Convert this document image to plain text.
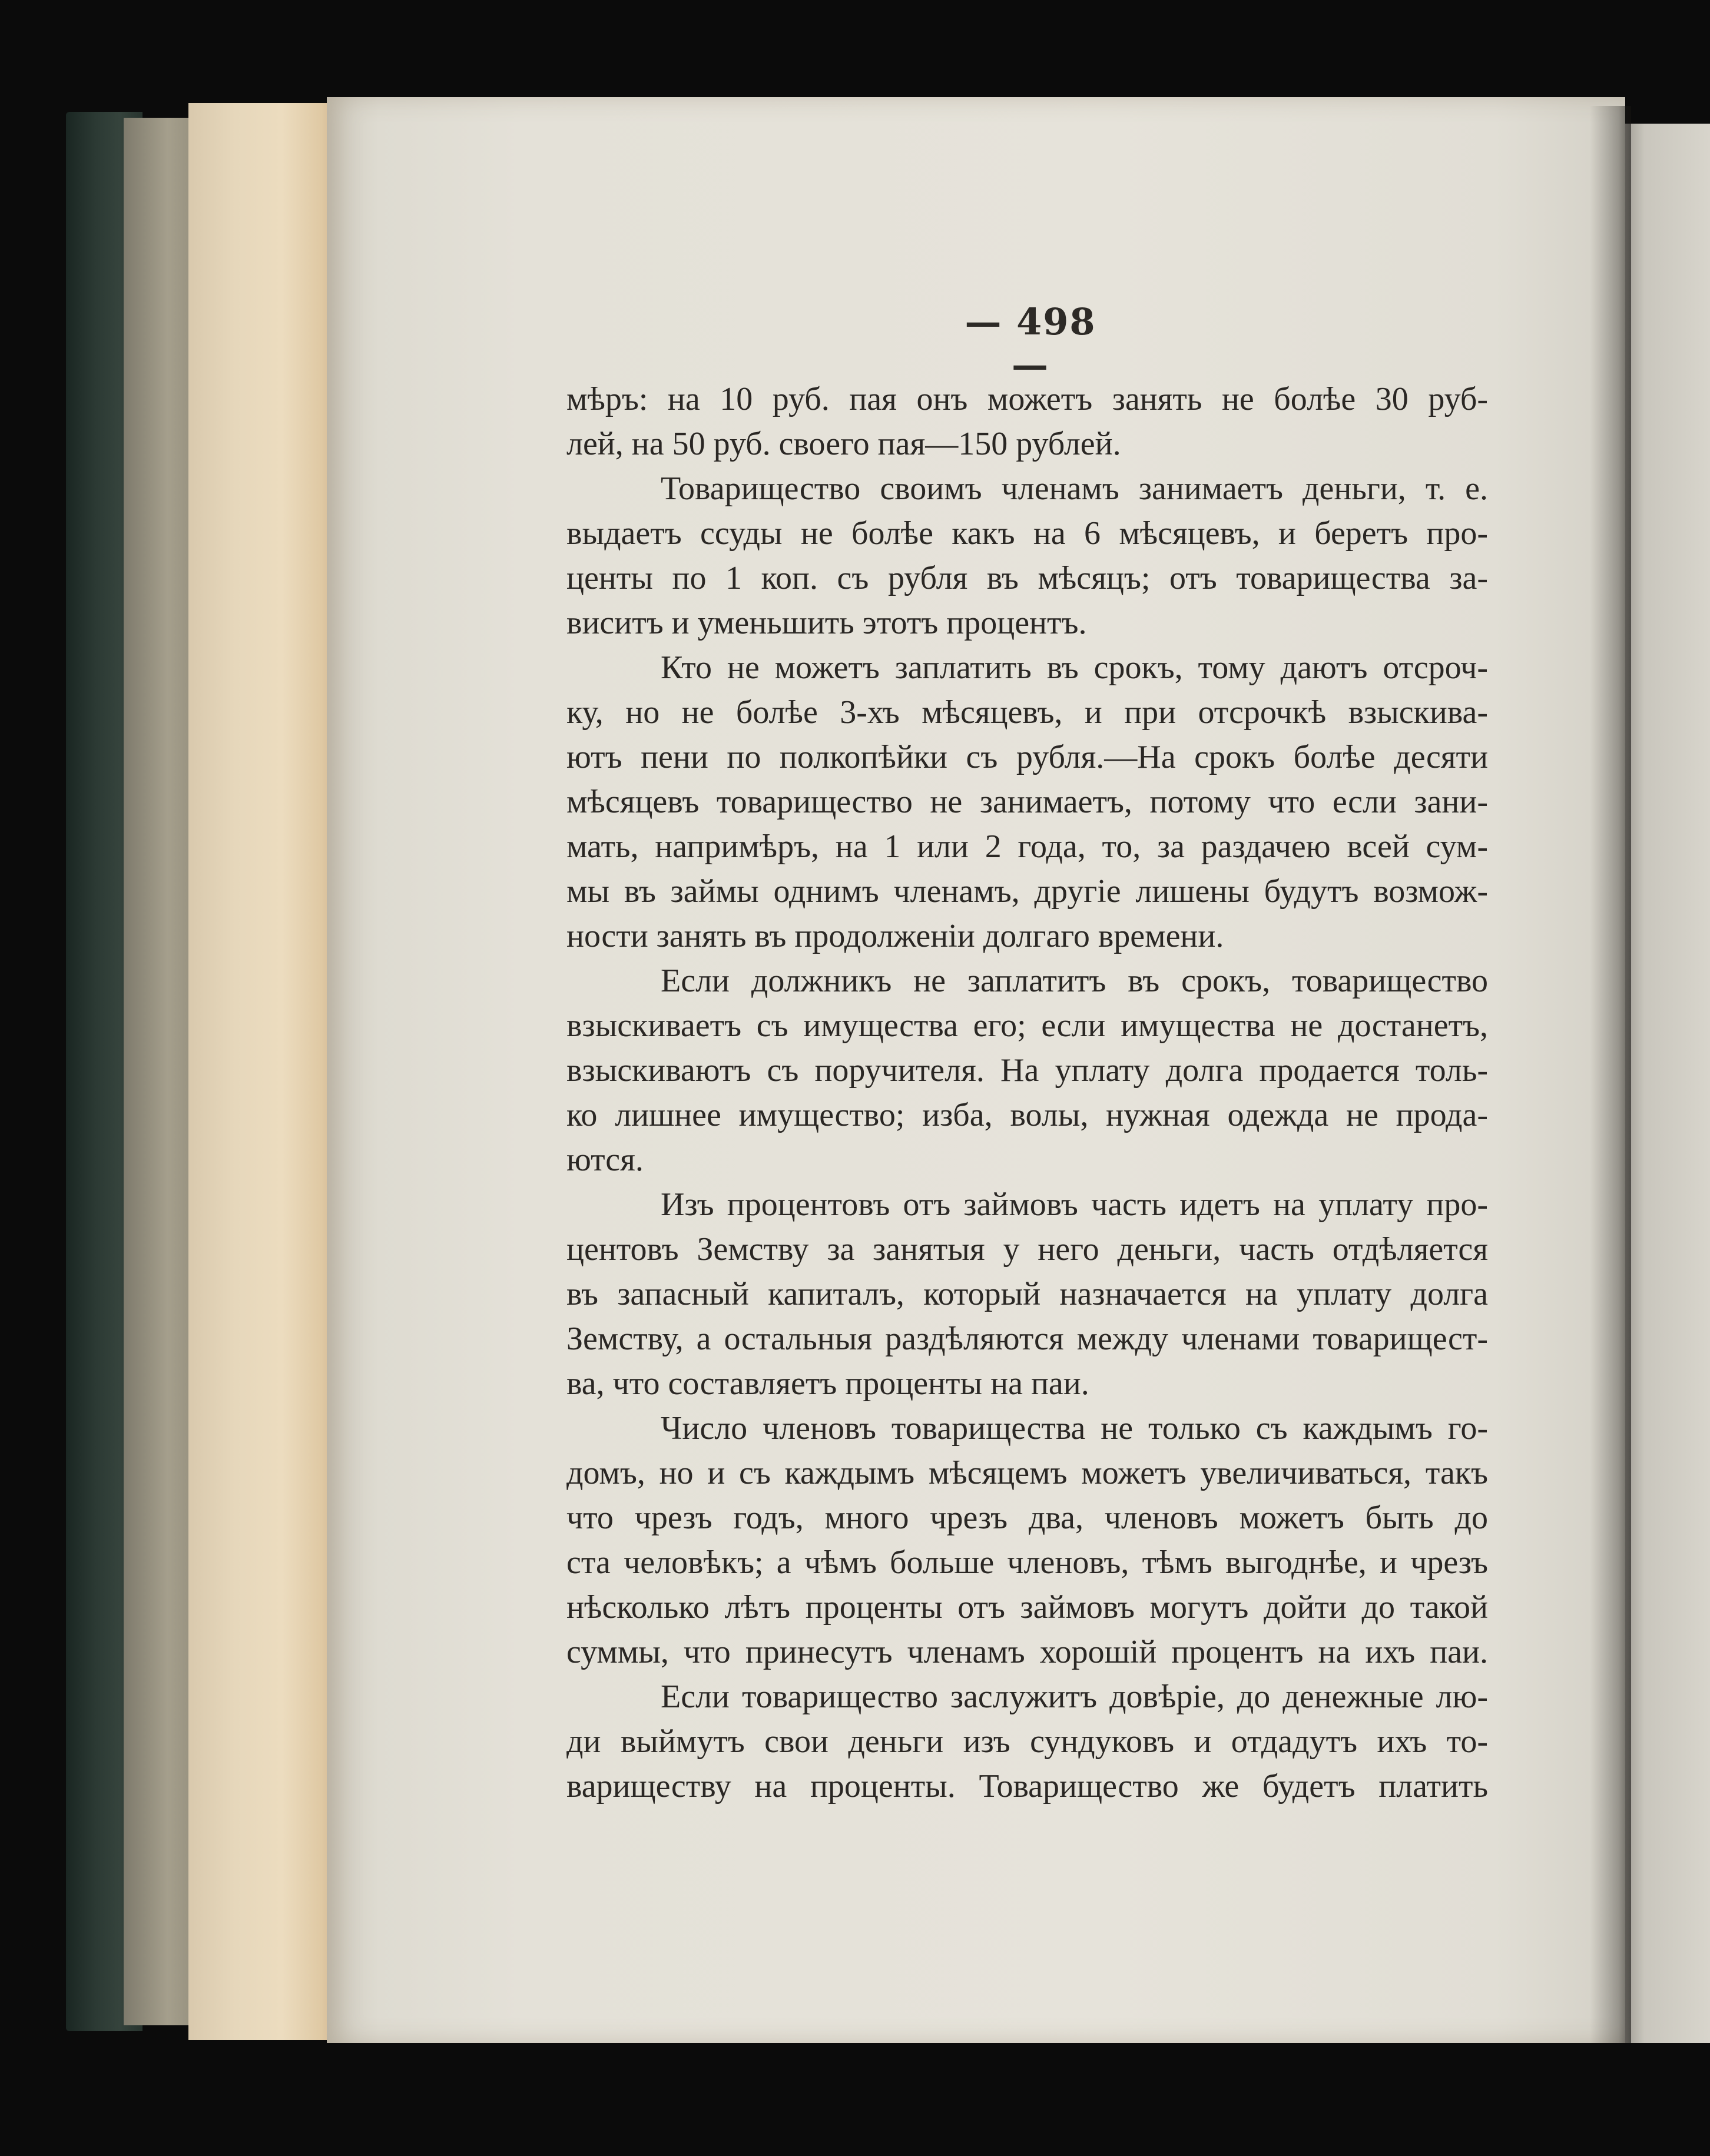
— 498 —
мѣръ: на 10 руб. пая онъ можетъ занять не болѣе 30 руб-
лей, на 50 руб. своего пая—150 рублей.
Товарищество своимъ членамъ занимаетъ деньги, т. е.
выдаетъ ссуды не болѣе какъ на 6 мѣсяцевъ, и беретъ про-
центы по 1 коп. съ рубля въ мѣсяцъ; отъ товарищества за-
виситъ и уменьшить этотъ процентъ.
Кто не можетъ заплатить въ срокъ, тому даютъ отсроч-
ку, но не болѣе 3-хъ мѣсяцевъ, и при отсрочкѣ взыскива-
ютъ пени по полкопѣйки съ рубля.—На срокъ болѣе десяти
мѣсяцевъ товарищество не занимаетъ, потому что если зани-
мать, напримѣръ, на 1 или 2 года, то, за раздачею всей сум-
мы въ займы однимъ членамъ, другіе лишены будутъ возмож-
ности занять въ продолженіи долгаго времени.
Если должникъ не заплатитъ въ срокъ, товарищество
взыскиваетъ съ имущества его; если имущества не достанетъ,
взыскиваютъ съ поручителя. На уплату долга продается толь-
ко лишнее имущество; изба, волы, нужная одежда не прода-
ются.
Изъ процентовъ отъ займовъ часть идетъ на уплату про-
центовъ Земству за занятыя у него деньги, часть отдѣляется
въ запасный капиталъ, который назначается на уплату долга
Земству, а остальныя раздѣляются между членами товарищест-
ва, что составляетъ проценты на паи.
Число членовъ товарищества не только съ каждымъ го-
домъ, но и съ каждымъ мѣсяцемъ можетъ увеличиваться, такъ
что чрезъ годъ, много чрезъ два, членовъ можетъ быть до
ста человѣкъ; а чѣмъ больше членовъ, тѣмъ выгоднѣе, и чрезъ
нѣсколько лѣтъ проценты отъ займовъ могутъ дойти до такой
суммы, что принесутъ членамъ хорошій процентъ на ихъ паи.
Если товарищество заслужитъ довѣріе, до денежные лю-
ди выймутъ свои деньги изъ сундуковъ и отдадутъ ихъ то-
вариществу на проценты. Товарищество же будетъ платить
